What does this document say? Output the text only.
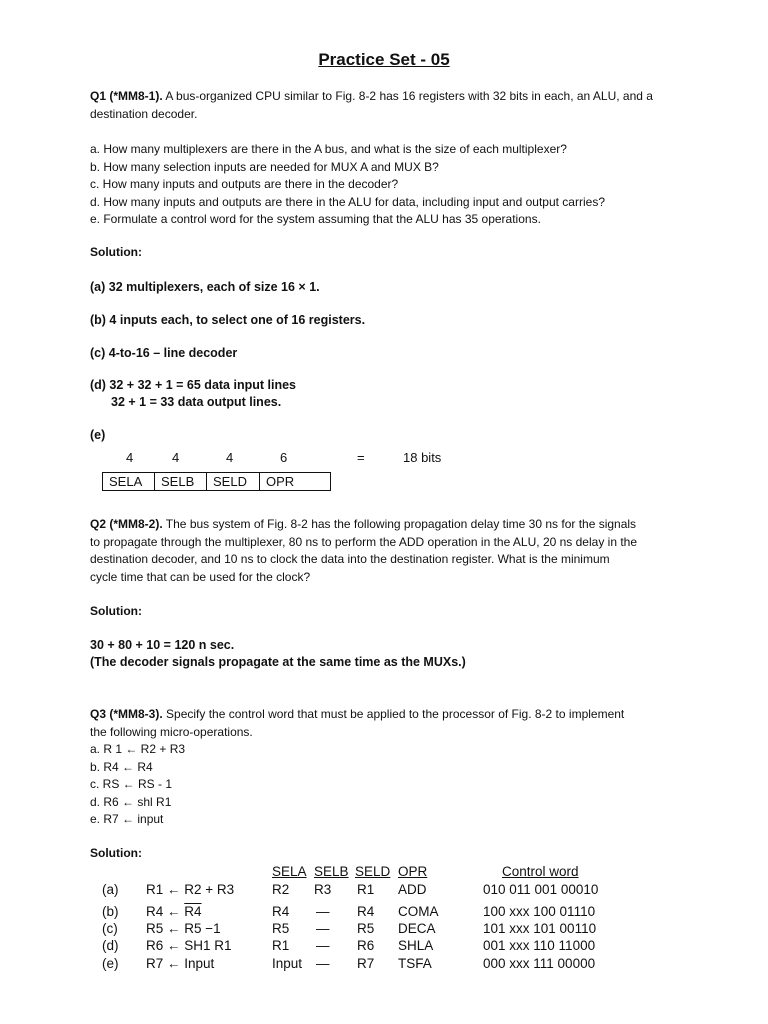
Practice Set - 05
Q1 (*MM8-1). A bus-organized CPU similar to Fig. 8-2 has 16 registers with 32 bits in each, an ALU, and a
destination decoder.
a. How many multiplexers are there in the A bus, and what is the size of each multiplexer?
b. How many selection inputs are needed for MUX A and MUX B?
c. How many inputs and outputs are there in the decoder?
d. How many inputs and outputs are there in the ALU for data, including input and output carries?
e. Formulate a control word for the system assuming that the ALU has 35 operations.
Solution:
(a) 32 multiplexers, each of size 16 × 1.
(b) 4 inputs each, to select one of 16 registers.
(c) 4-to-16 – line decoder
(d) 32 + 32 + 1 = 65 data input lines
32 + 1 = 33 data output lines.
(e)
4	4	4	6	=	18 bits
SELA	SELB	SELD	OPR
Q2 (*MM8-2). The bus system of Fig. 8-2 has the following propagation delay time 30 ns for the signals
to propagate through the multiplexer, 80 ns to perform the ADD operation in the ALU, 20 ns delay in the
destination decoder, and 10 ns to clock the data into the destination register. What is the minimum
cycle time that can be used for the clock?
Solution:
30 + 80 + 10 = 120 n sec.
(The decoder signals propagate at the same time as the MUXs.)
Q3 (*MM8-3). Specify the control word that must be applied to the processor of Fig. 8-2 to implement
the following micro-operations.
a. R 1 ← R2 + R3
b. R4 ← R4
c. RS ← RS - 1
d. R6 ← shl R1
e. R7 ← input
Solution:
SELA SELB SELD OPR	Control word
(a) R1 ← R2 + R3	R2 R3 R1 ADD	010 011 001 00010
(b) R4 ← R4	R4 — R4 COMA	100 xxx 100 01110
(c) R5 ← R5 −1	R5 — R5 DECA	101 xxx 101 00110
(d) R6 ← SH1 R1	R1 — R6 SHLA	001 xxx 110 11000
(e) R7 ← Input	Input — R7 TSFA	000 xxx 111 00000
